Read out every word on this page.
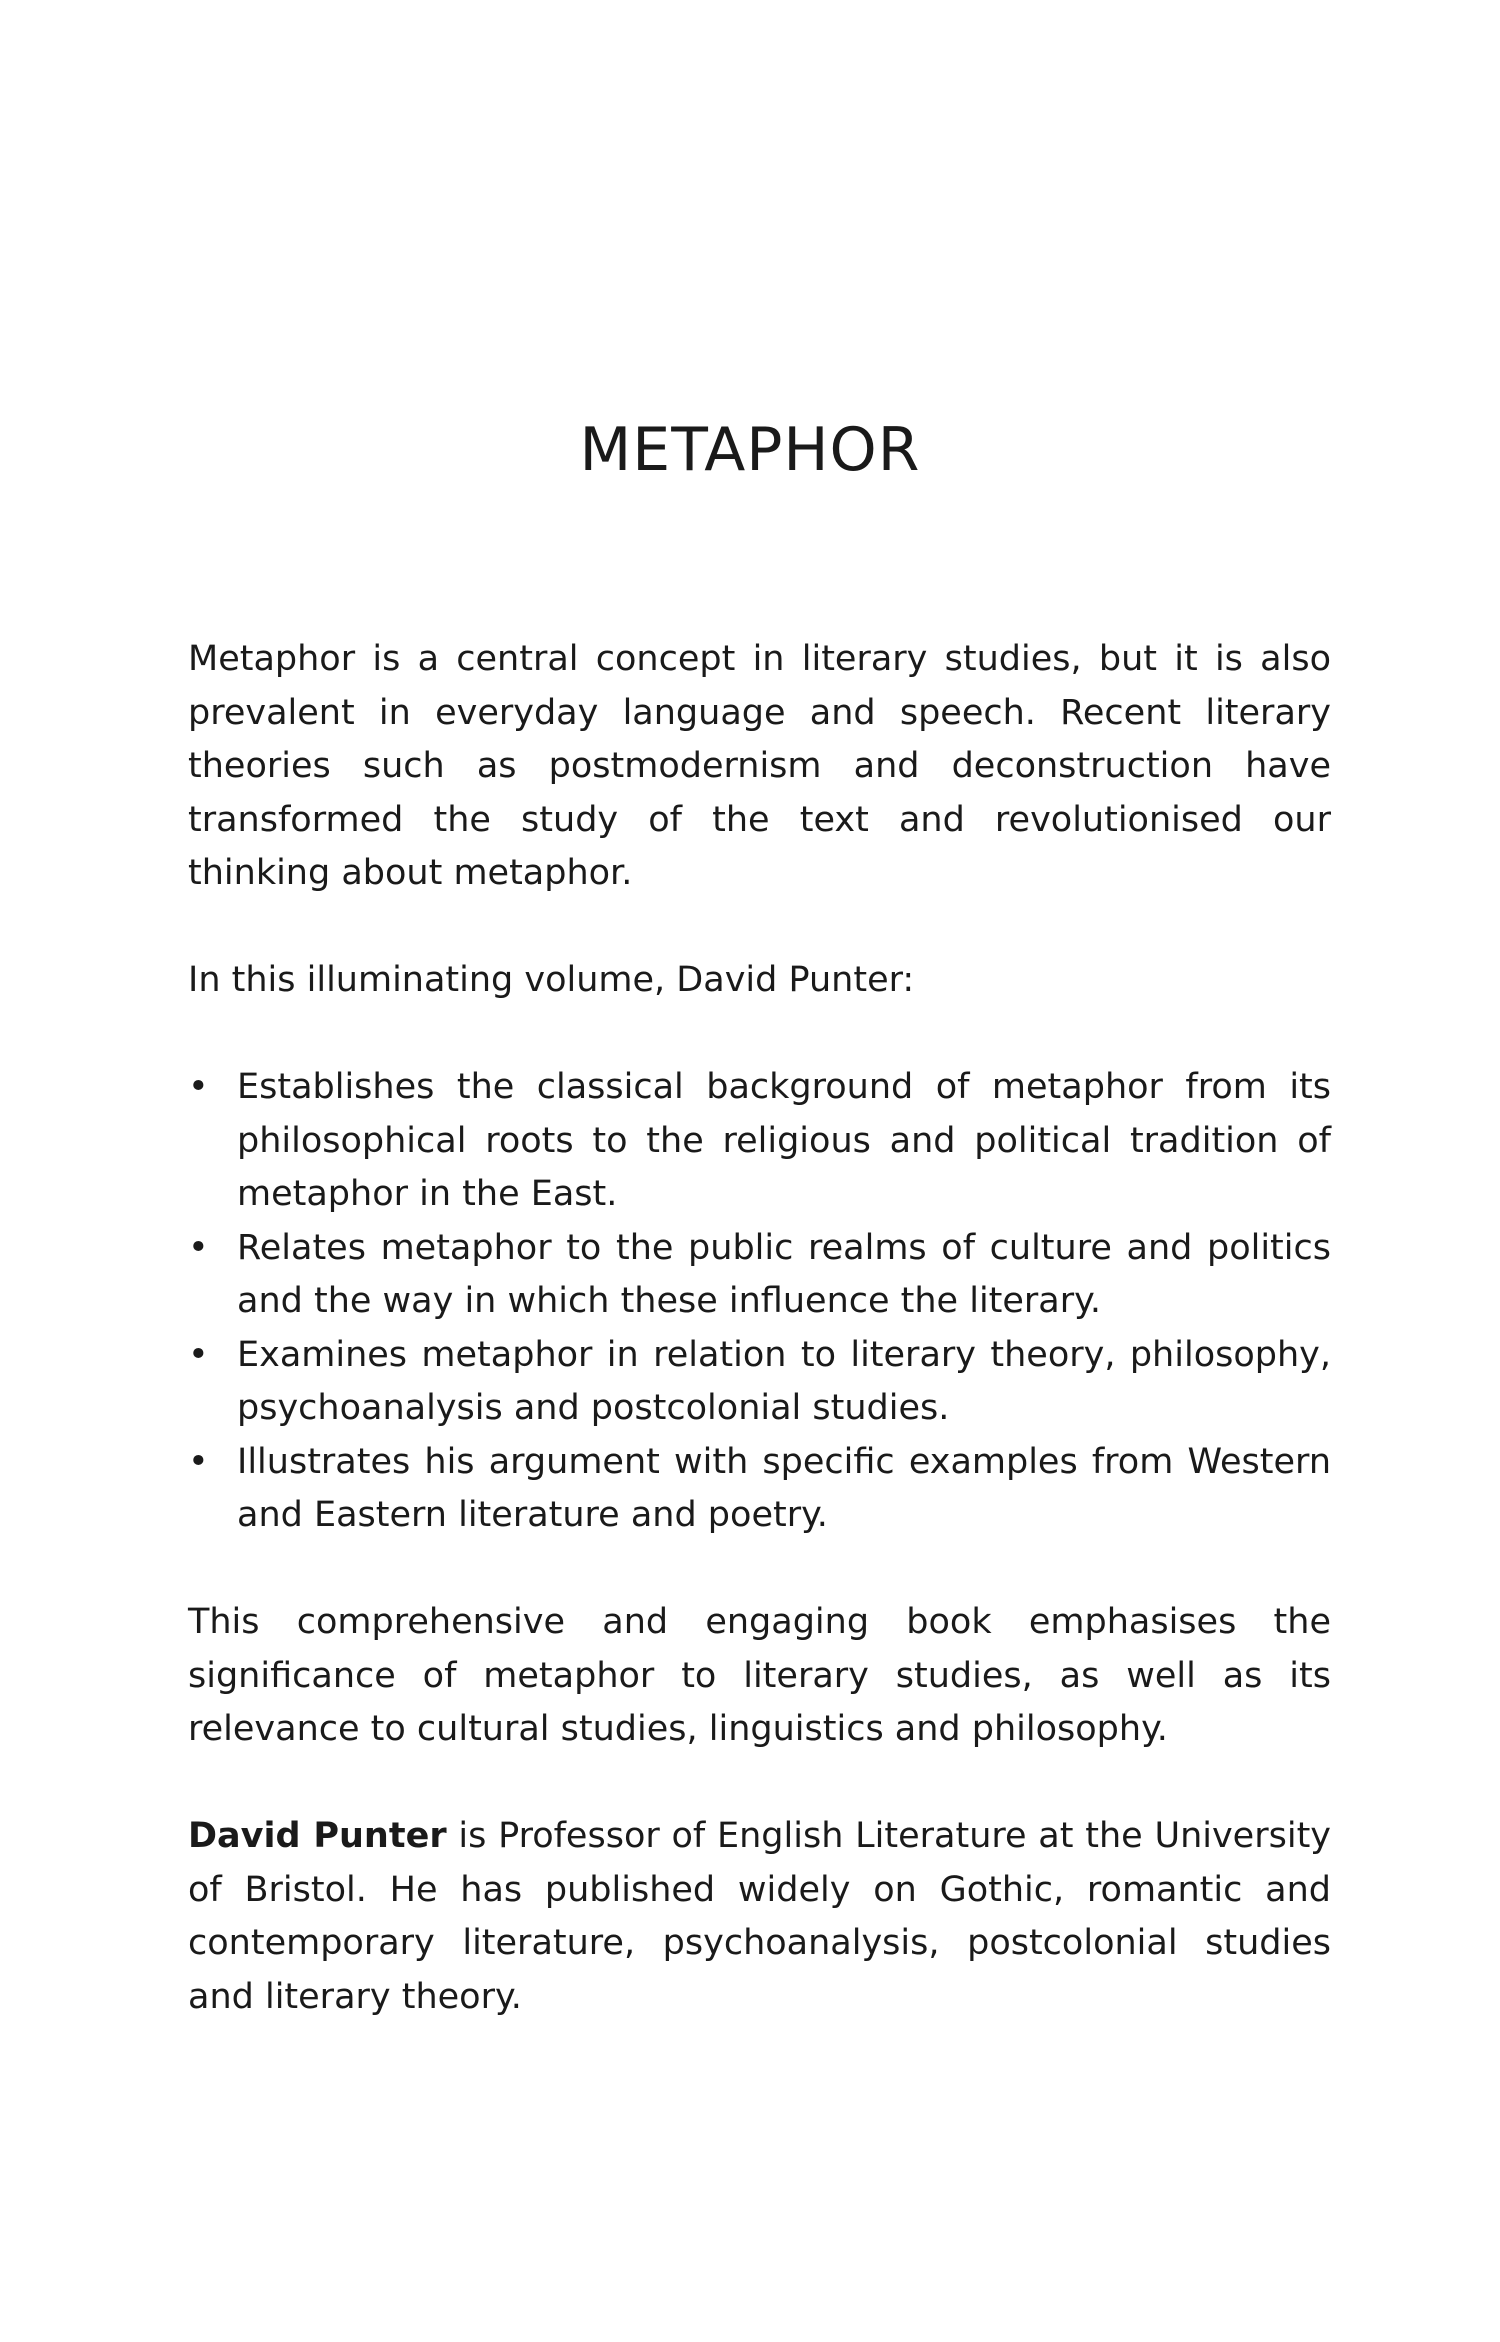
METAPHOR

Metaphor is a central concept in literary studies, but it is also prevalent in everyday language and speech. Recent literary theories such as postmodernism and deconstruction have transformed the study of the text and revolutionised our thinking about metaphor.

In this illuminating volume, David Punter:

• Establishes the classical background of metaphor from its philosophical roots to the religious and political tradition of metaphor in the East.
• Relates metaphor to the public realms of culture and politics and the way in which these influence the literary.
• Examines metaphor in relation to literary theory, philosophy, psychoanalysis and postcolonial studies.
• Illustrates his argument with specific examples from Western and Eastern literature and poetry.

This comprehensive and engaging book emphasises the significance of metaphor to literary studies, as well as its relevance to cultural studies, linguistics and philosophy.

David Punter is Professor of English Literature at the University of Bristol. He has published widely on Gothic, romantic and contemporary literature, psychoanalysis, postcolonial studies and literary theory.
